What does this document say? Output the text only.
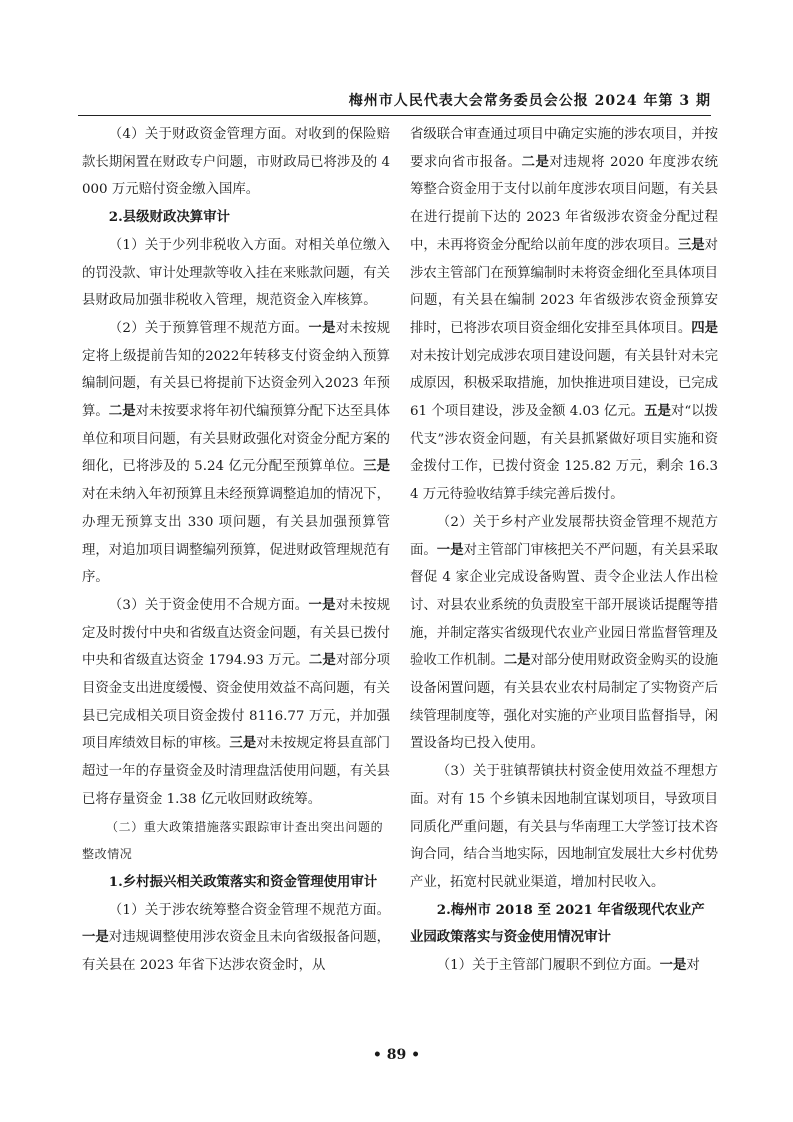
梅州市人民代表大会常务委员会公报 2024 年第 3 期

（4）关于财政资金管理方面。对收到的保险赔款长期闲置在财政专户问题，市财政局已将涉及的 4000 万元赔付资金缴入国库。

2.县级财政决算审计

（1）关于少列非税收入方面。对相关单位缴入的罚没款、审计处理款等收入挂在来账款问题，有关县财政局加强非税收入管理，规范资金入库核算。

（2）关于预算管理不规范方面。一是对未按规定将上级提前告知的2022年转移支付资金纳入预算编制问题，有关县已将提前下达资金列入2023 年预算。二是对未按要求将年初代编预算分配下达至具体单位和项目问题，有关县财政强化对资金分配方案的细化，已将涉及的 5.24 亿元分配至预算单位。三是对在未纳入年初预算且未经预算调整追加的情况下，办理无预算支出 330 项问题，有关县加强预算管理，对追加项目调整编列预算，促进财政管理规范有序。

（3）关于资金使用不合规方面。一是对未按规定及时拨付中央和省级直达资金问题，有关县已拨付中央和省级直达资金 1794.93 万元。二是对部分项目资金支出进度缓慢、资金使用效益不高问题，有关县已完成相关项目资金拨付 8116.77 万元，并加强项目库绩效目标的审核。三是对未按规定将县直部门超过一年的存量资金及时清理盘活使用问题，有关县已将存量资金 1.38 亿元收回财政统筹。

（二）重大政策措施落实跟踪审计查出突出问题的整改情况

1.乡村振兴相关政策落实和资金管理使用审计

（1）关于涉农统筹整合资金管理不规范方面。一是对违规调整使用涉农资金且未向省级报备问题，有关县在 2023 年省下达涉农资金时，从

省级联合审查通过项目中确定实施的涉农项目，并按要求向省市报备。二是对违规将 2020 年度涉农统筹整合资金用于支付以前年度涉农项目问题，有关县在进行提前下达的 2023 年省级涉农资金分配过程中，未再将资金分配给以前年度的涉农项目。三是对涉农主管部门在预算编制时未将资金细化至具体项目问题，有关县在编制 2023 年省级涉农资金预算安排时，已将涉农项目资金细化安排至具体项目。四是对未按计划完成涉农项目建设问题，有关县针对未完成原因，积极采取措施，加快推进项目建设，已完成 61 个项目建设，涉及金额 4.03 亿元。五是对“以拨代支”涉农资金问题，有关县抓紧做好项目实施和资金拨付工作，已拨付资金 125.82 万元，剩余 16.34 万元待验收结算手续完善后拨付。

（2）关于乡村产业发展帮扶资金管理不规范方面。一是对主管部门审核把关不严问题，有关县采取督促 4 家企业完成设备购置、责令企业法人作出检讨、对县农业系统的负责股室干部开展谈话提醒等措施，并制定落实省级现代农业产业园日常监督管理及验收工作机制。二是对部分使用财政资金购买的设施设备闲置问题，有关县农业农村局制定了实物资产后续管理制度等，强化对实施的产业项目监督指导，闲置设备均已投入使用。

（3）关于驻镇帮镇扶村资金使用效益不理想方面。对有 15 个乡镇未因地制宜谋划项目，导致项目同质化严重问题，有关县与华南理工大学签订技术咨询合同，结合当地实际，因地制宜发展壮大乡村优势产业，拓宽村民就业渠道，增加村民收入。

2.梅州市 2018 至 2021 年省级现代农业产业园政策落实与资金使用情况审计

（1）关于主管部门履职不到位方面。一是对

• 89 •
